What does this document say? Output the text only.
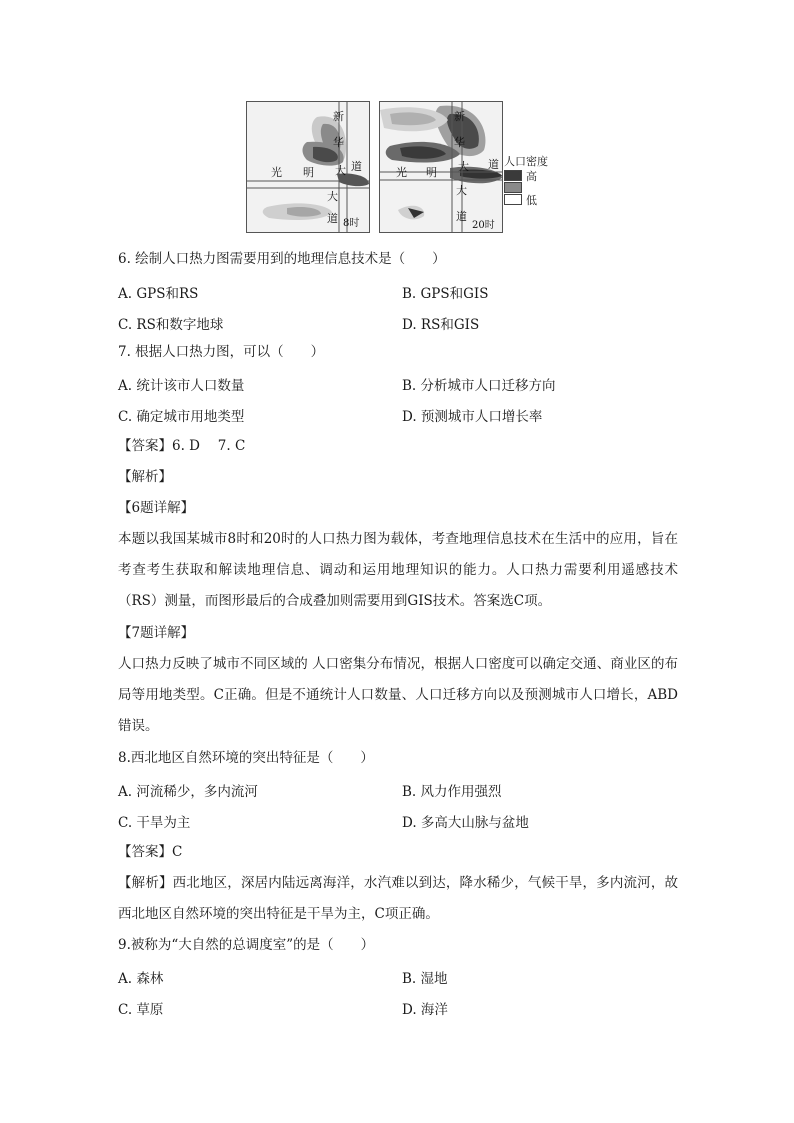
新
华
大 道
光 明
大
道 8时
新
华
大 道
光 明
大
道
20时
人口密度
高
低
6. 绘制人口热力图需要用到的地理信息技术是（　　）
A. GPS和RS	B. GPS和GIS
C. RS和数字地球	D. RS和GIS
7. 根据人口热力图，可以（　　）
A. 统计该市人口数量	B. 分析城市人口迁移方向
C. 确定城市用地类型	D. 预测城市人口增长率
【答案】6. D　 7. C
【解析】
【6题详解】
本题以我国某城市8时和20时的人口热力图为载体，考查地理信息技术在生活中的应用，旨在考查考生获取和解读地理信息、调动和运用地理知识的能力。人口热力需要利用遥感技术（RS）测量，而图形最后的合成叠加则需要用到GIS技术。答案选C项。
【7题详解】
人口热力反映了城市不同区域的 人口密集分布情况，根据人口密度可以确定交通、商业区的布局等用地类型。C正确。但是不通统计人口数量、人口迁移方向以及预测城市人口增长，ABD错误。
8.西北地区自然环境的突出特征是（　　）
A. 河流稀少，多内流河	B. 风力作用强烈
C. 干旱为主	D. 多高大山脉与盆地
【答案】C
【解析】西北地区，深居内陆远离海洋，水汽难以到达，降水稀少，气候干旱，多内流河，故西北地区自然环境的突出特征是干旱为主，C项正确。
9.被称为“大自然的总调度室”的是（　　）
A. 森林	B. 湿地
C. 草原	D. 海洋
